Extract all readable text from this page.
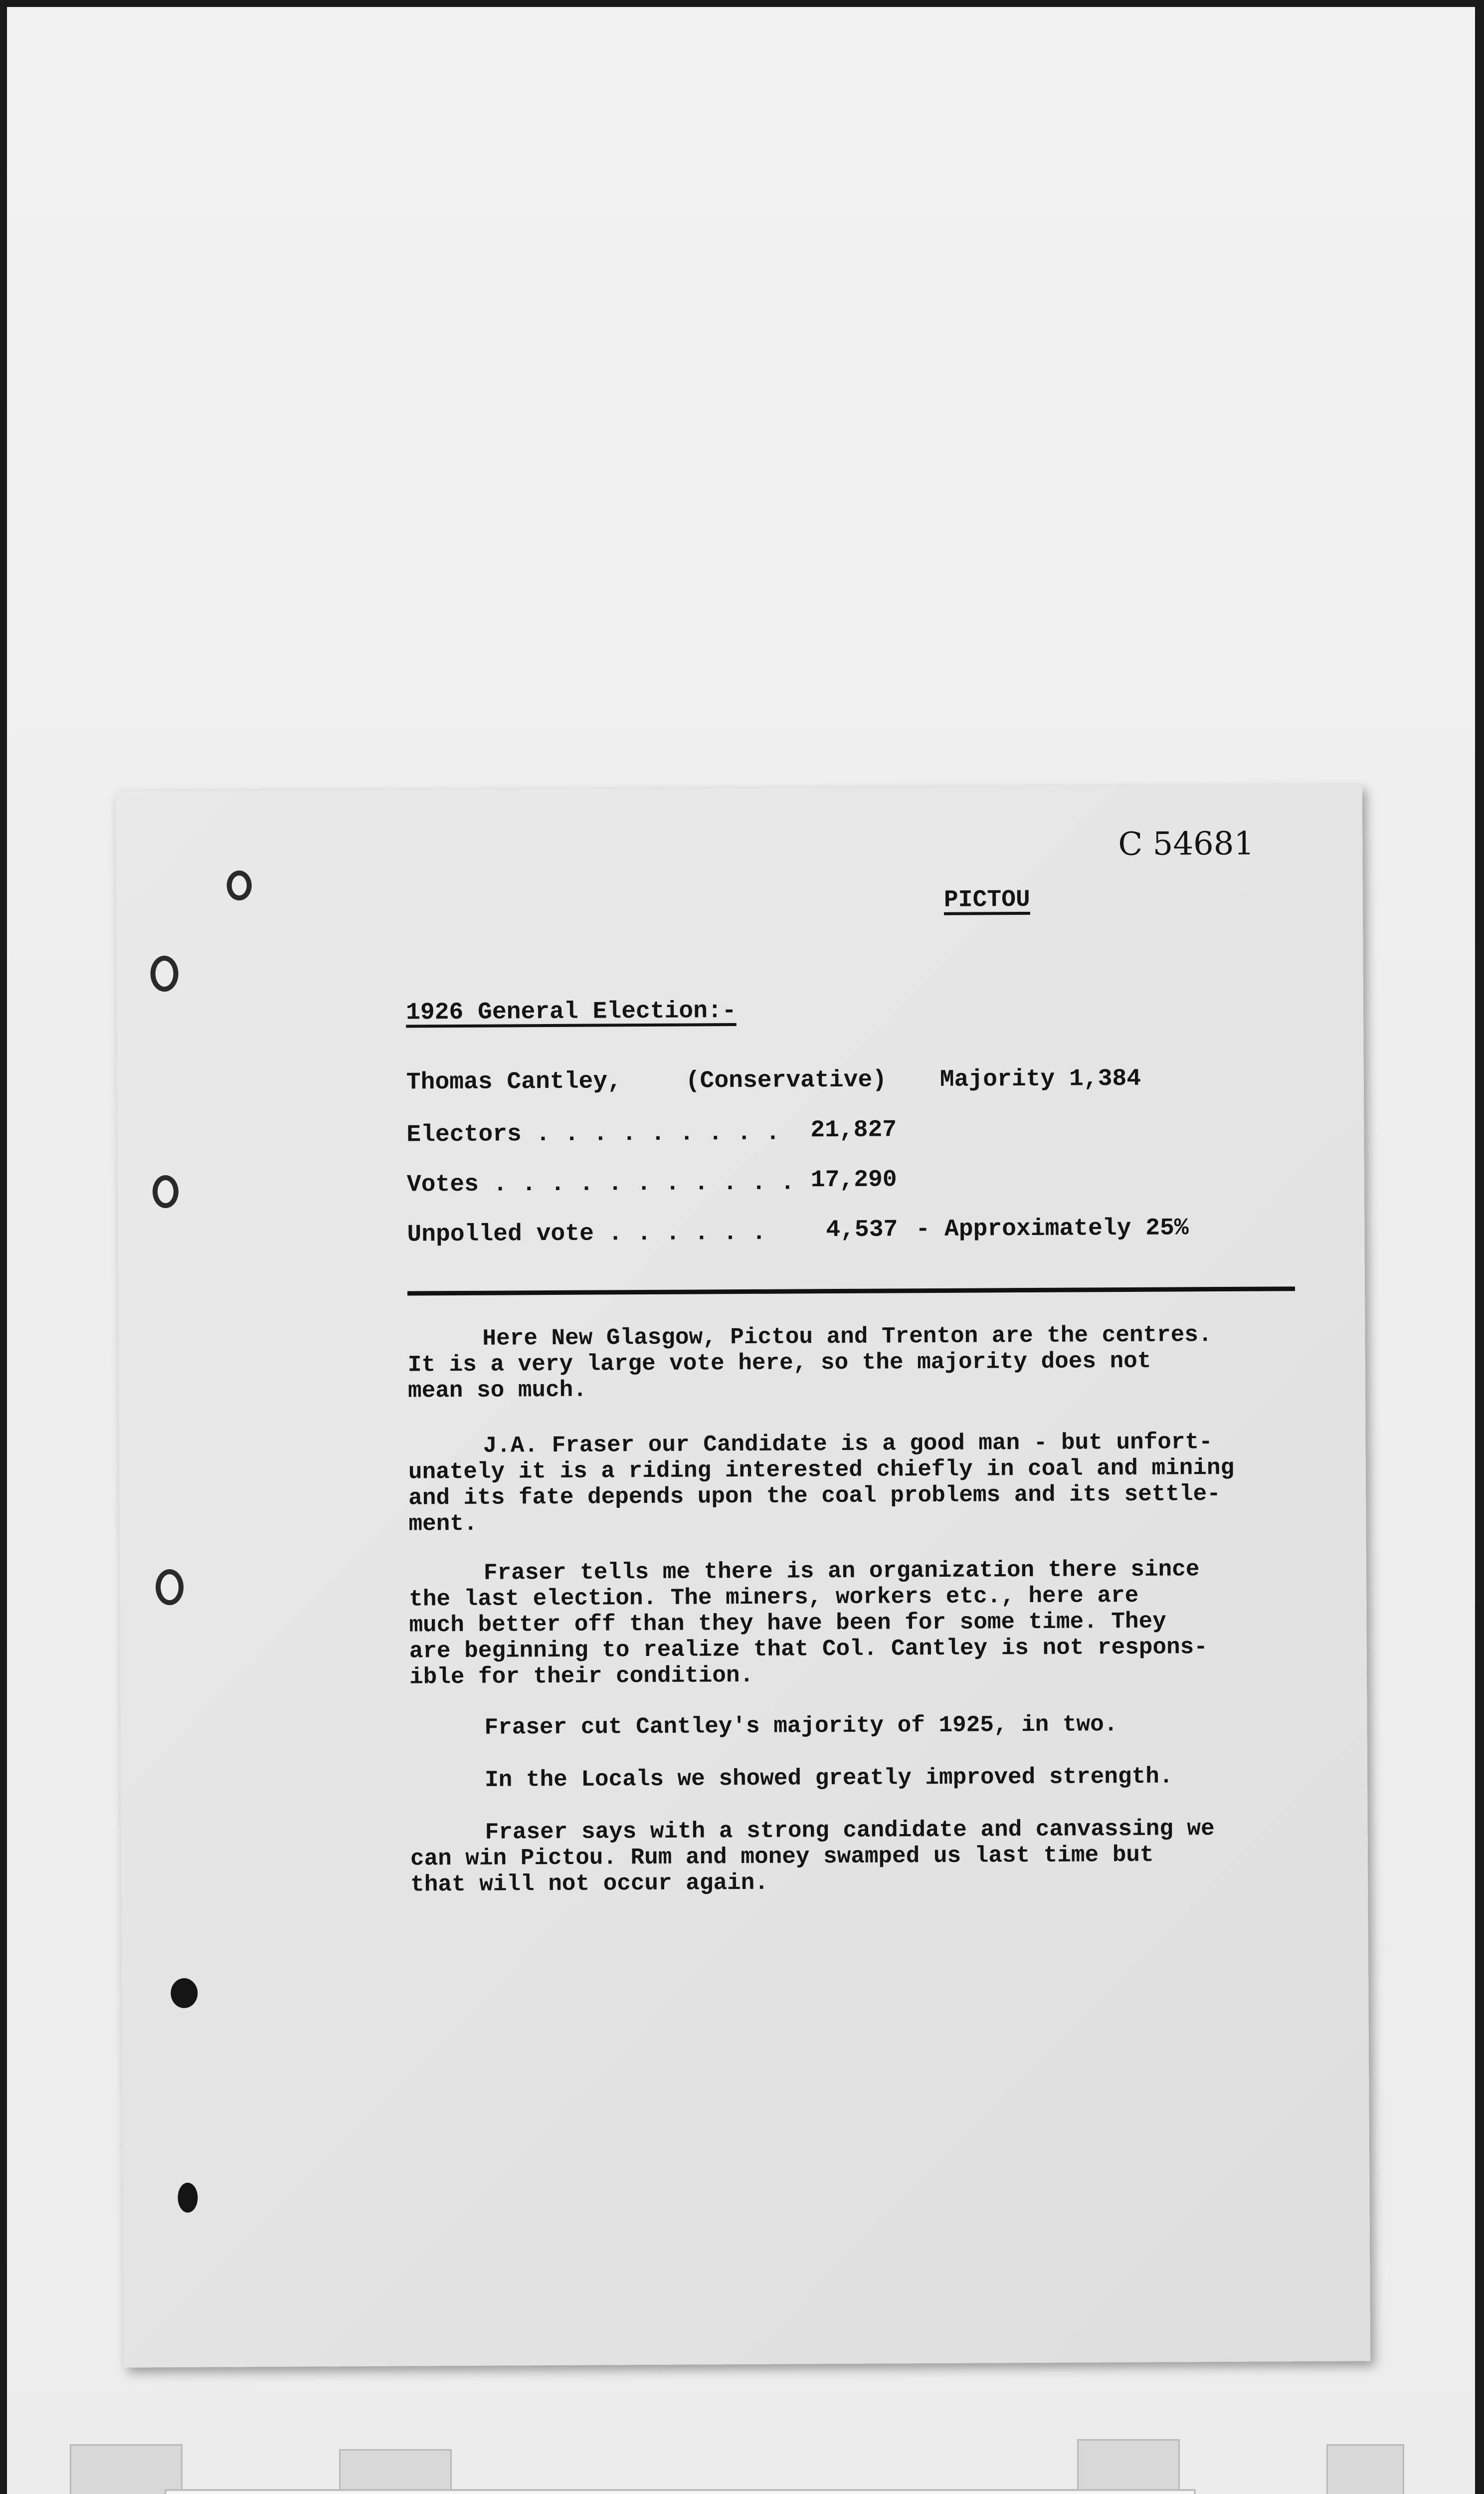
C 54681
PICTOU
1926 General Election:-
Thomas Cantley,	(Conservative) Majority 1,384
Electors . . . . . . . . . 21,827
Votes . . . . . . . . . . . 17,290
Unpolled vote . . . . . . 4,537 - Approximately 25%

Here New Glasgow, Pictou and Trenton are the centres.

It is a very large vote here, so the majority does not

mean so much.

J.A. Fraser our Candidate is a good man - but unfort-

unately it is a riding interested chiefly in coal and mining

and its fate depends upon the coal problems and its settle-

ment.

Fraser tells me there is an organization there since

the last election. The miners, workers etc., here are

much better off than they have been for some time. They

are beginning to realize that Col. Cantley is not respons-

ible for their condition.

Fraser cut Cantley's majority of 1925, in two.

In the Locals we showed greatly improved strength.

Fraser says with a strong candidate and canvassing we

can win Pictou. Rum and money swamped us last time but

that will not occur again.
